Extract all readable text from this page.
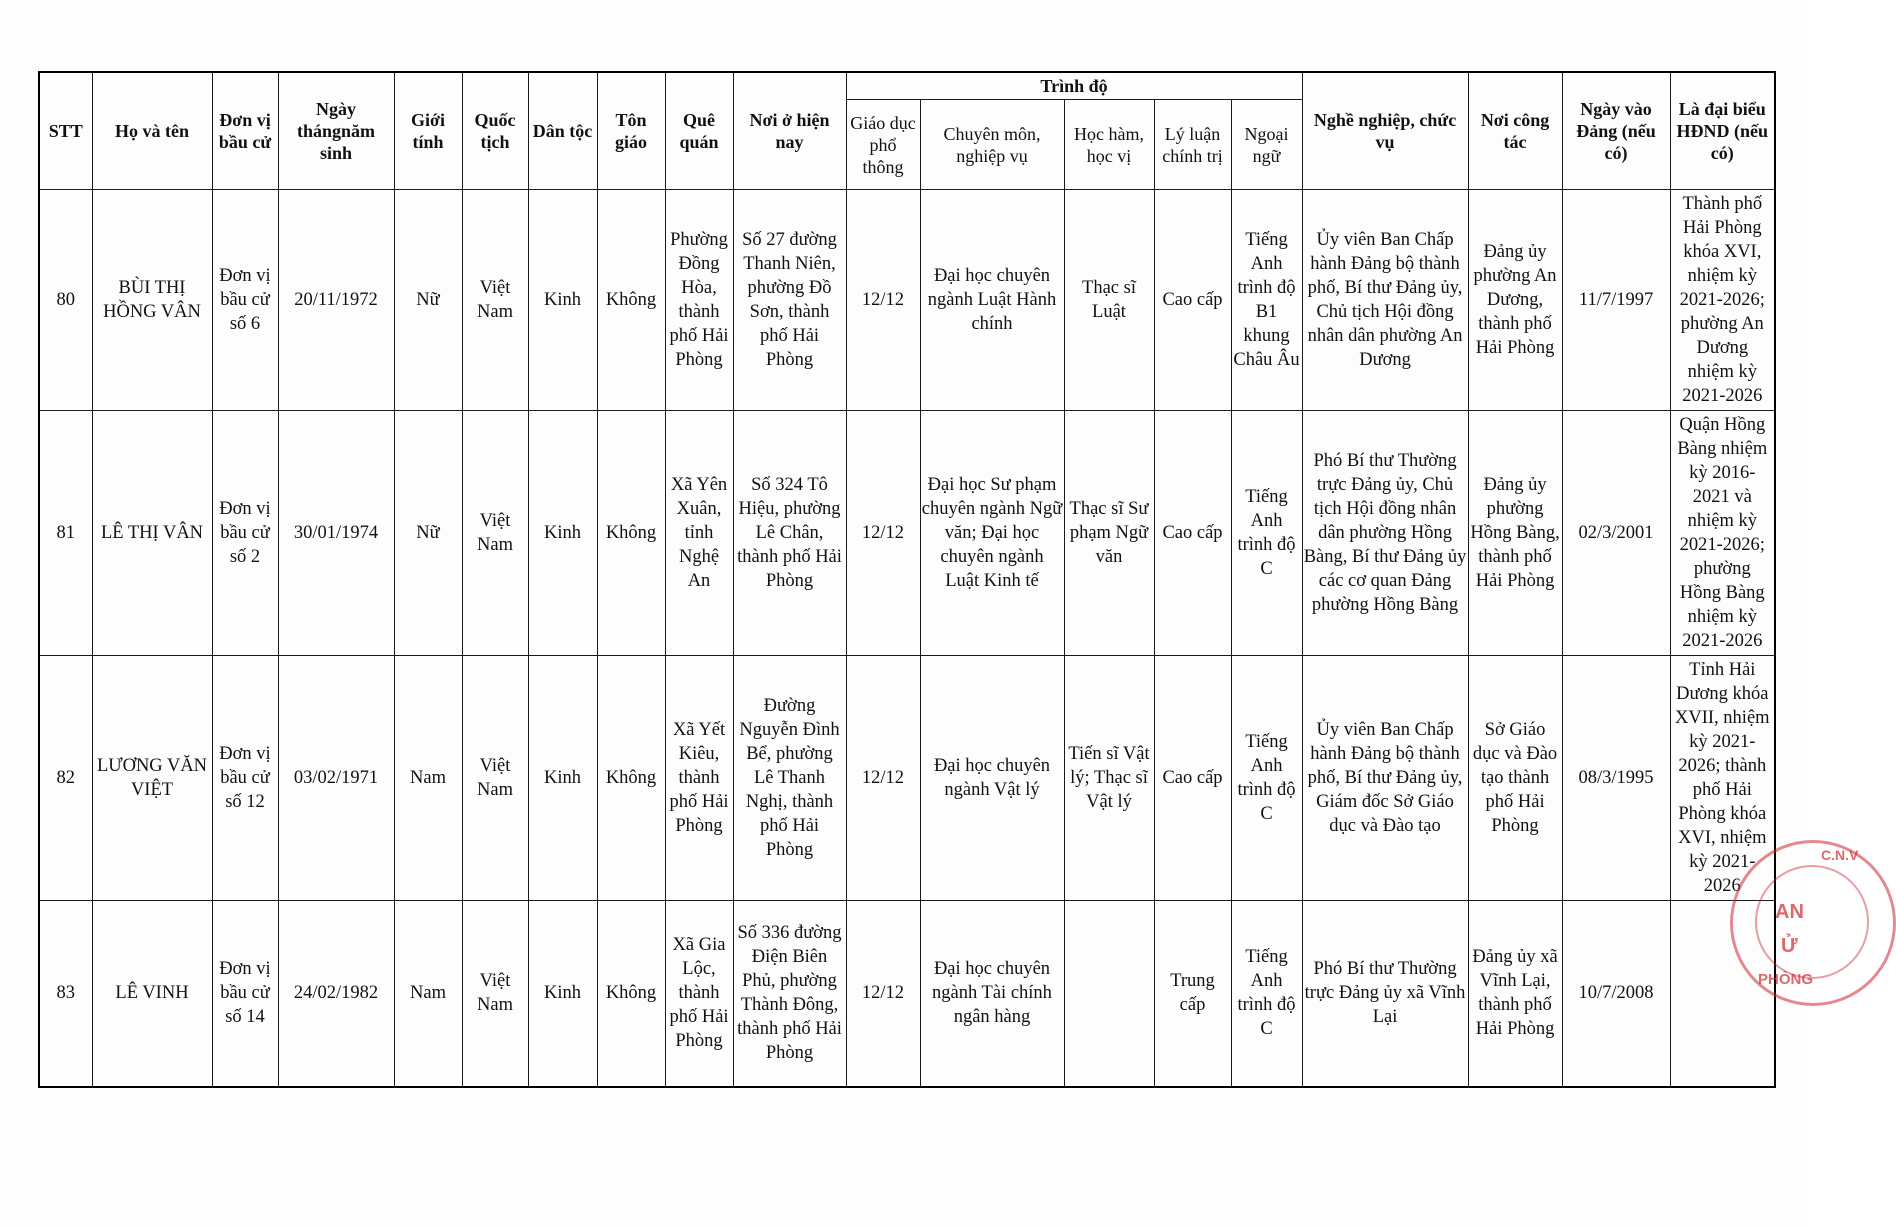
STT	Họ và tên	Đơn vị bầu cử	Ngày thángnăm sinh	Giới tính	Quốc tịch	Dân tộc	Tôn giáo	Quê quán	Nơi ở hiện nay	Trình độ					Nghề nghiệp, chức vụ	Nơi công tác	Ngày vào Đảng (nếu có)	Là đại biểu HĐND (nếu có)
										Giáo dục phổ thông	Chuyên môn, nghiệp vụ	Học hàm, học vị	Lý luận chính trị	Ngoại ngữ				
80	BÙI THỊ HỒNG VÂN	Đơn vị bầu cử số 6	20/11/1972	Nữ	Việt Nam	Kinh	Không	Phường Đồng Hòa, thành phố Hải Phòng	Số 27 đường Thanh Niên, phường Đồ Sơn, thành phố Hải Phòng	12/12	Đại học chuyên ngành Luật Hành chính	Thạc sĩ Luật	Cao cấp	Tiếng Anh trình độ B1 khung Châu Âu	Ủy viên Ban Chấp hành Đảng bộ thành phố, Bí thư Đảng ủy, Chủ tịch Hội đồng nhân dân phường An Dương	Đảng ủy phường An Dương, thành phố Hải Phòng	11/7/1997	Thành phố Hải Phòng khóa XVI, nhiệm kỳ 2021-2026; phường An Dương nhiệm kỳ 2021-2026
81	LÊ THỊ VÂN	Đơn vị bầu cử số 2	30/01/1974	Nữ	Việt Nam	Kinh	Không	Xã Yên Xuân, tỉnh Nghệ An	Số 324 Tô Hiệu, phường Lê Chân, thành phố Hải Phòng	12/12	Đại học Sư phạm chuyên ngành Ngữ văn; Đại học chuyên ngành Luật Kinh tế	Thạc sĩ Sư phạm Ngữ văn	Cao cấp	Tiếng Anh trình độ C	Phó Bí thư Thường trực Đảng ủy, Chủ tịch Hội đồng nhân dân phường Hồng Bàng, Bí thư Đảng ủy các cơ quan Đảng phường Hồng Bàng	Đảng ủy phường Hồng Bàng, thành phố Hải Phòng	02/3/2001	Quận Hồng Bàng nhiệm kỳ 2016-2021 và nhiệm kỳ 2021-2026; phường Hồng Bàng nhiệm kỳ 2021-2026
82	LƯƠNG VĂN VIỆT	Đơn vị bầu cử số 12	03/02/1971	Nam	Việt Nam	Kinh	Không	Xã Yết Kiêu, thành phố Hải Phòng	Đường Nguyễn Đình Bể, phường Lê Thanh Nghị, thành phố Hải Phòng	12/12	Đại học chuyên ngành Vật lý	Tiến sĩ Vật lý; Thạc sĩ Vật lý	Cao cấp	Tiếng Anh trình độ C	Ủy viên Ban Chấp hành Đảng bộ thành phố, Bí thư Đảng ủy, Giám đốc Sở Giáo dục và Đào tạo	Sở Giáo dục và Đào tạo thành phố Hải Phòng	08/3/1995	Tỉnh Hải Dương khóa XVII, nhiệm kỳ 2021-2026; thành phố Hải Phòng khóa XVI, nhiệm kỳ 2021-2026
83	LÊ VINH	Đơn vị bầu cử số 14	24/02/1982	Nam	Việt Nam	Kinh	Không	Xã Gia Lộc, thành phố Hải Phòng	Số 336 đường Điện Biên Phủ, phường Thành Đông, thành phố Hải Phòng	12/12	Đại học chuyên ngành Tài chính ngân hàng		Trung cấp	Tiếng Anh trình độ C	Phó Bí thư Thường trực Đảng ủy xã Vĩnh Lại	Đảng ủy xã Vĩnh Lại, thành phố Hải Phòng	10/7/2008	
AN
Ử
PHÒNG
C.N.V
